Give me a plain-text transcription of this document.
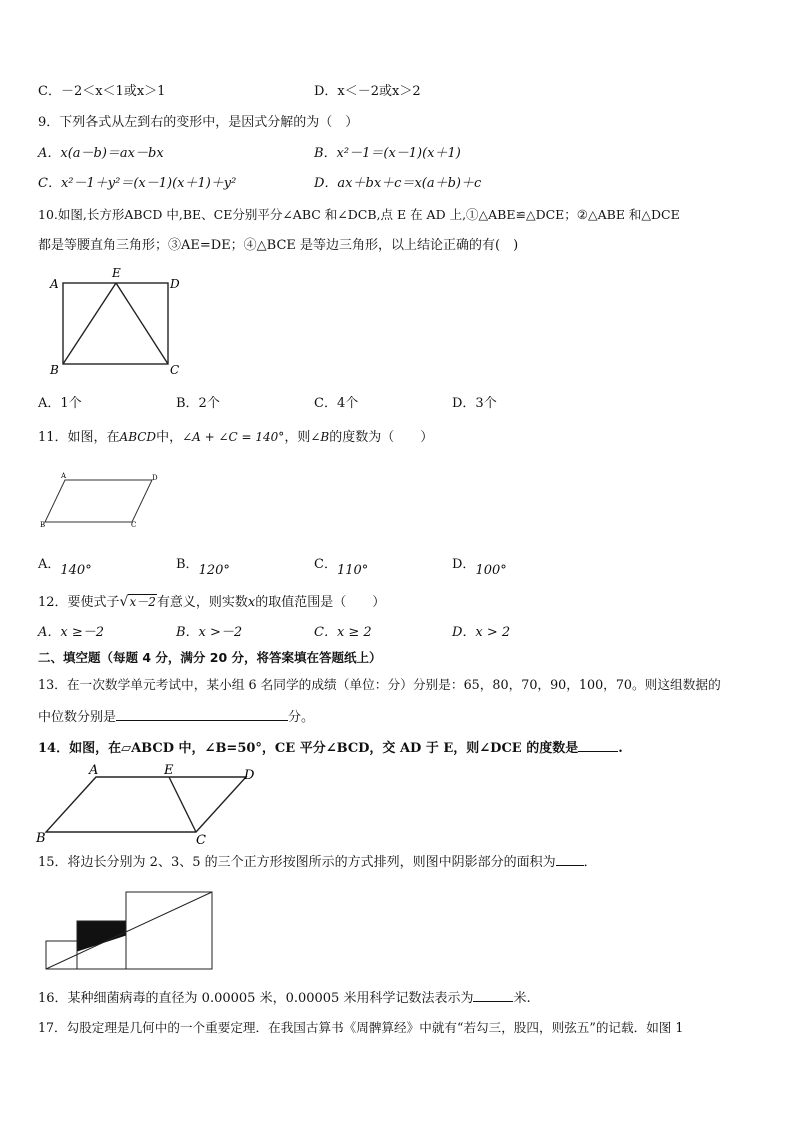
C．－2＜x＜1或x＞1	D．x＜－2或x＞2
9．下列各式从左到右的变形中，是因式分解的为（　）
A．x(a－b)＝ax－bx	B．x²－1＝(x－1)(x＋1)
C．x²－1＋y²＝(x－1)(x＋1)＋y²	D．ax＋bx＋c＝x(a＋b)＋c
10.如图,长方形ABCD 中,BE、CE分别平分∠ABC 和∠DCB,点 E 在 AD 上,①△ABE≌△DCE；②△ABE 和△DCE
都是等腰直角三角形；③AE=DE；④△BCE 是等边三角形，以上结论正确的有(　)
A
E
D
B	C
A．1个	B．2个	C．4个	D．3个
11．如图，在ABCD中，∠A + ∠C = 140°，则∠B的度数为（　　）
A	D
B	C
A．140°	B．120°	C．110°	D．100°
12．要使式子√x－2有意义，则实数x的取值范围是（　　）
A．x ≥－2	B．x >－2	C．x ≥ 2	D．x > 2
二、填空题（每题 4 分，满分 20 分，将答案填在答题纸上）
13．在一次数学单元考试中，某小组 6 名同学的成绩（单位：分）分别是：65，80，70，90，100，70。则这组数据的
中位数分别是	分。
14．如图，在▱ABCD 中，∠B=50°，CE 平分∠BCD，交 AD 于 E，则∠DCE 的度数是	.
A	E	D
B	C
15．将边长分别为 2、3、5 的三个正方形按图所示的方式排列，则图中阴影部分的面积为 ．
16．某种细菌病毒的直径为 0.00005 米，0.00005 米用科学记数法表示为	米.
17．勾股定理是几何中的一个重要定理．在我国古算书《周髀算经》中就有“若勾三，股四，则弦五”的记载．如图 1
